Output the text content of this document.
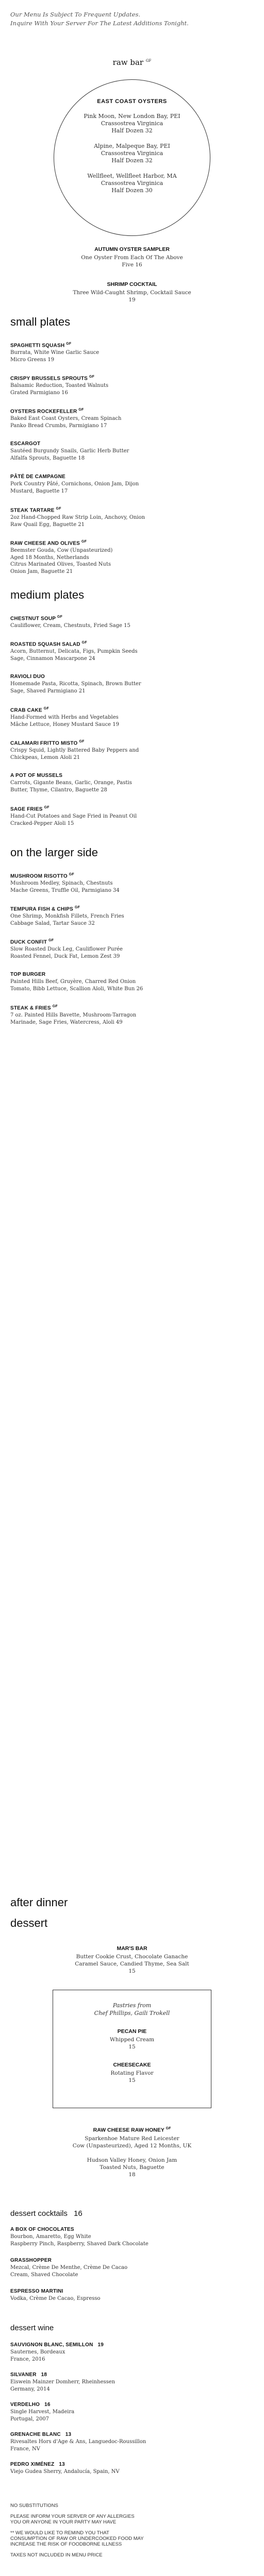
Our Menu Is Subject To Frequent Updates.
Inquire With Your Server For The Latest Additions Tonight.
raw bar $^{GF}$
EAST COAST OYSTERS
Pink Moon, New London Bay, PEI
Crassostrea Virginica
Half Dozen 32
Alpine, Malpeque Bay, PEI
Crassostrea Virginica
Half Dozen 32
Wellfleet, Wellfleet Harbor, MA
Crassostrea Virginica
Half Dozen 30
AUTUMN OYSTER SAMPLER
One Oyster From Each Of The Above
Five 16
SHRIMP COCKTAIL
Three Wild-Caught Shrimp, Cocktail Sauce
19
small plates
SPAGHETTI SQUASH $^{GF}$
Burrata, White Wine Garlic Sauce
Micro Greens 19
CRISPY BRUSSELS SPROUTS $^{GF}$
Balsamic Reduction, Toasted Walnuts
Grated Parmigiano 16
OYSTERS ROCKEFELLER $^{GF}$
Baked East Coast Oysters, Cream Spinach
Panko Bread Crumbs, Parmigiano 17
ESCARGOT
Sautéed Burgundy Snails, Garlic Herb Butter
Alfalfa Sprouts, Baguette 18
PÂTÉ DE CAMPAGNE
Pork Country Pâté, Cornichons, Onion Jam, Dijon
Mustard, Baguette 17
STEAK TARTARE $^{GF}$
2oz Hand-Chopped Raw Strip Loin, Anchovy, Onion
Raw Quail Egg, Baguette 21
RAW CHEESE AND OLIVES $^{GF}$
Beemster Gouda, Cow (Unpasteurized)
Aged 18 Months, Netherlands
Citrus Marinated Olives, Toasted Nuts
Onion Jam, Baguette 21
medium plates
CHESTNUT SOUP $^{GF}$
Cauliflower, Cream, Chestnuts, Fried Sage 15
ROASTED SQUASH SALAD $^{GF}$
Acorn, Butternut, Delicata, Figs, Pumpkin Seeds
Sage, Cinnamon Mascarpone 24
RAVIOLI DUO
Homemade Pasta, Ricotta, Spinach, Brown Butter
Sage, Shaved Parmigiano 21
CRAB CAKE $^{GF}$
Hand-Formed with Herbs and Vegetables
Mâche Lettuce, Honey Mustard Sauce 19
CALAMARI FRITTO MISTO $^{GF}$
Crispy Squid, Lightly Battered Baby Peppers and
Chickpeas, Lemon Aïoli 21
A POT OF MUSSELS
Carrots, Gigante Beans, Garlic, Orange, Pastis
Butter, Thyme, Cilantro, Baguette 28
SAGE FRIES $^{GF}$
Hand-Cut Potatoes and Sage Fried in Peanut Oil
Cracked-Pepper Aïoli 15
on the larger side
MUSHROOM RISOTTO $^{GF}$
Mushroom Medley, Spinach, Chestnuts
Mache Greens, Truffle Oil, Parmigiano 34
TEMPURA FISH & CHIPS $^{GF}$
One Shrimp, Monkfish Fillets, French Fries
Cabbage Salad, Tartar Sauce 32
DUCK CONFIT $^{GF}$
Slow Roasted Duck Leg, Cauliflower Purée
Roasted Fennel, Duck Fat, Lemon Zest 39
TOP BURGER
Painted Hills Beef, Gruyère, Charred Red Onion
Tomato, Bibb Lettuce, Scallion Aïoli, White Bun 26
STEAK & FRIES $^{GF}$
7 oz. Painted Hills Bavette, Mushroom-Tarragon
Marinade, Sage Fries, Watercress, Aïoli 49
after dinner
dessert
MAR'S BAR
Butter Cookie Crust, Chocolate Ganache
Caramel Sauce, Candied Thyme, Sea Salt
15
Pastries from
Chef Phillips, Gaili Trokell
PECAN PIE
Whipped Cream
15
CHEESECAKE
Rotating Flavor
15
RAW CHEESE RAW HONEY $^{GF}$
Sparkenhoe Mature Red Leicester
Cow (Unpasteurized), Aged 12 Months, UK
Hudson Valley Honey, Onion Jam
Toasted Nuts, Baguette
18
dessert cocktails 16
A BOX OF CHOCOLATES
Bourbon, Amaretto, Egg White
Raspberry Pinch, Raspberry, Shaved Dark Chocolate
GRASSHOPPER
Mezcal, Crème De Menthe, Crème De Cacao
Cream, Shaved Chocolate
ESPRESSO MARTINI
Vodka, Crème De Cacao, Espresso
dessert wine
SAUVIGNON BLANC, SEMILLON 19
Sauternes, Bordeaux
France, 2016
SILVANER 18
Eiswein Mainzer Domherr, Rheinhessen
Germany, 2014
VERDELHO 16
Single Harvest, Madeira
Portugal, 2007
GRENACHE BLANC 13
Rivesaltes Hors d'Age & Ans, Languedoc-Roussillon
France, NV
PEDRO XIMÉNEZ 13
Viejo Gudea Sherry, Andalucía, Spain, NV
NO SUBSTITUTIONS
PLEASE INFORM YOUR SERVER OF ANY ALLERGIES
YOU OR ANYONE IN YOUR PARTY MAY HAVE
** WE WOULD LIKE TO REMIND YOU THAT
CONSUMPTION OF RAW OR UNDERCOOKED FOOD MAY
INCREASE THE RISK OF FOODBORNE ILLNESS
TAXES NOT INCLUDED IN MENU PRICE
